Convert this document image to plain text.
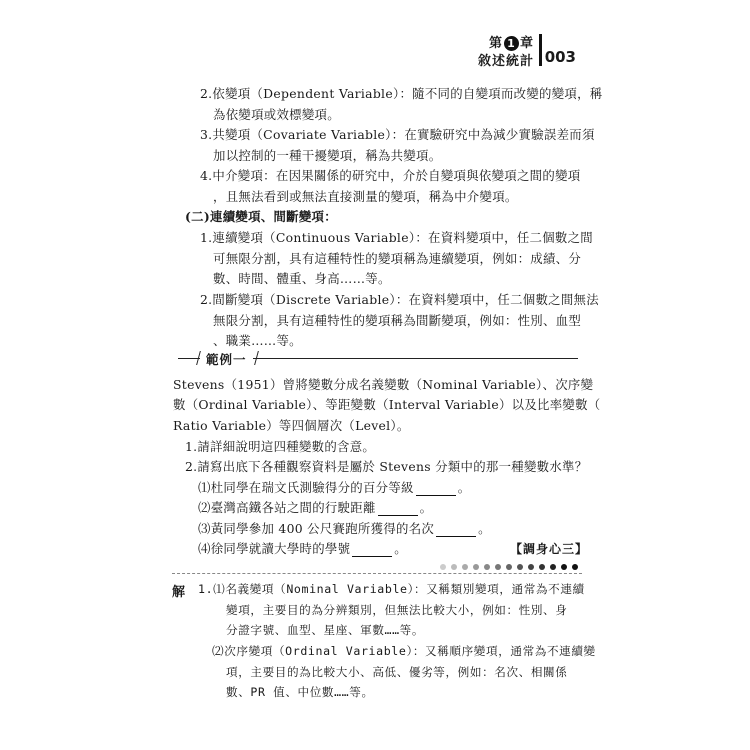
第 1 章
敘述統計 003
2.依變項（Dependent Variable）：隨不同的自變項而改變的變項，稱
為依變項或效標變項。
3.共變項（Covariate Variable）：在實驗研究中為減少實驗誤差而須
加以控制的一種干擾變項，稱為共變項。
4.中介變項：在因果關係的研究中，介於自變項與依變項之間的變項
，且無法看到或無法直接測量的變項，稱為中介變項。
(二)連續變項、間斷變項：
1.連續變項（Continuous Variable）：在資料變項中，任二個數之間
可無限分割，具有這種特性的變項稱為連續變項，例如：成績、分
數、時間、體重、身高……等。
2.間斷變項（Discrete Variable）：在資料變項中，任二個數之間無法
無限分割，具有這種特性的變項稱為間斷變項，例如：性別、血型
、職業……等。
範例一
Stevens（1951）曾將變數分成名義變數（Nominal Variable）、次序變
數（Ordinal Variable）、等距變數（Interval Variable）以及比率變數（
Ratio Variable）等四個層次（Level）。
1.請詳細說明這四種變數的含意。
2.請寫出底下各種觀察資料是屬於 Stevens 分類中的那一種變數水準？
⑴杜同學在瑞文氏測驗得分的百分等級	。
⑵臺灣高鐵各站之間的行駛距離	。
⑶黃同學參加 400 公尺賽跑所獲得的名次	。
⑷徐同學就讀大學時的學號	。	【調身心三】
解 1.⑴名義變項（Nominal Variable）：又稱類別變項，通常為不連續
變項，主要目的為分辨類別，但無法比較大小，例如：性別、身
分證字號、血型、星座、軍數……等。
⑵次序變項（Ordinal Variable）：又稱順序變項，通常為不連續變
項，主要目的為比較大小、高低、優劣等，例如：名次、相關係
數、PR 值、中位數……等。
